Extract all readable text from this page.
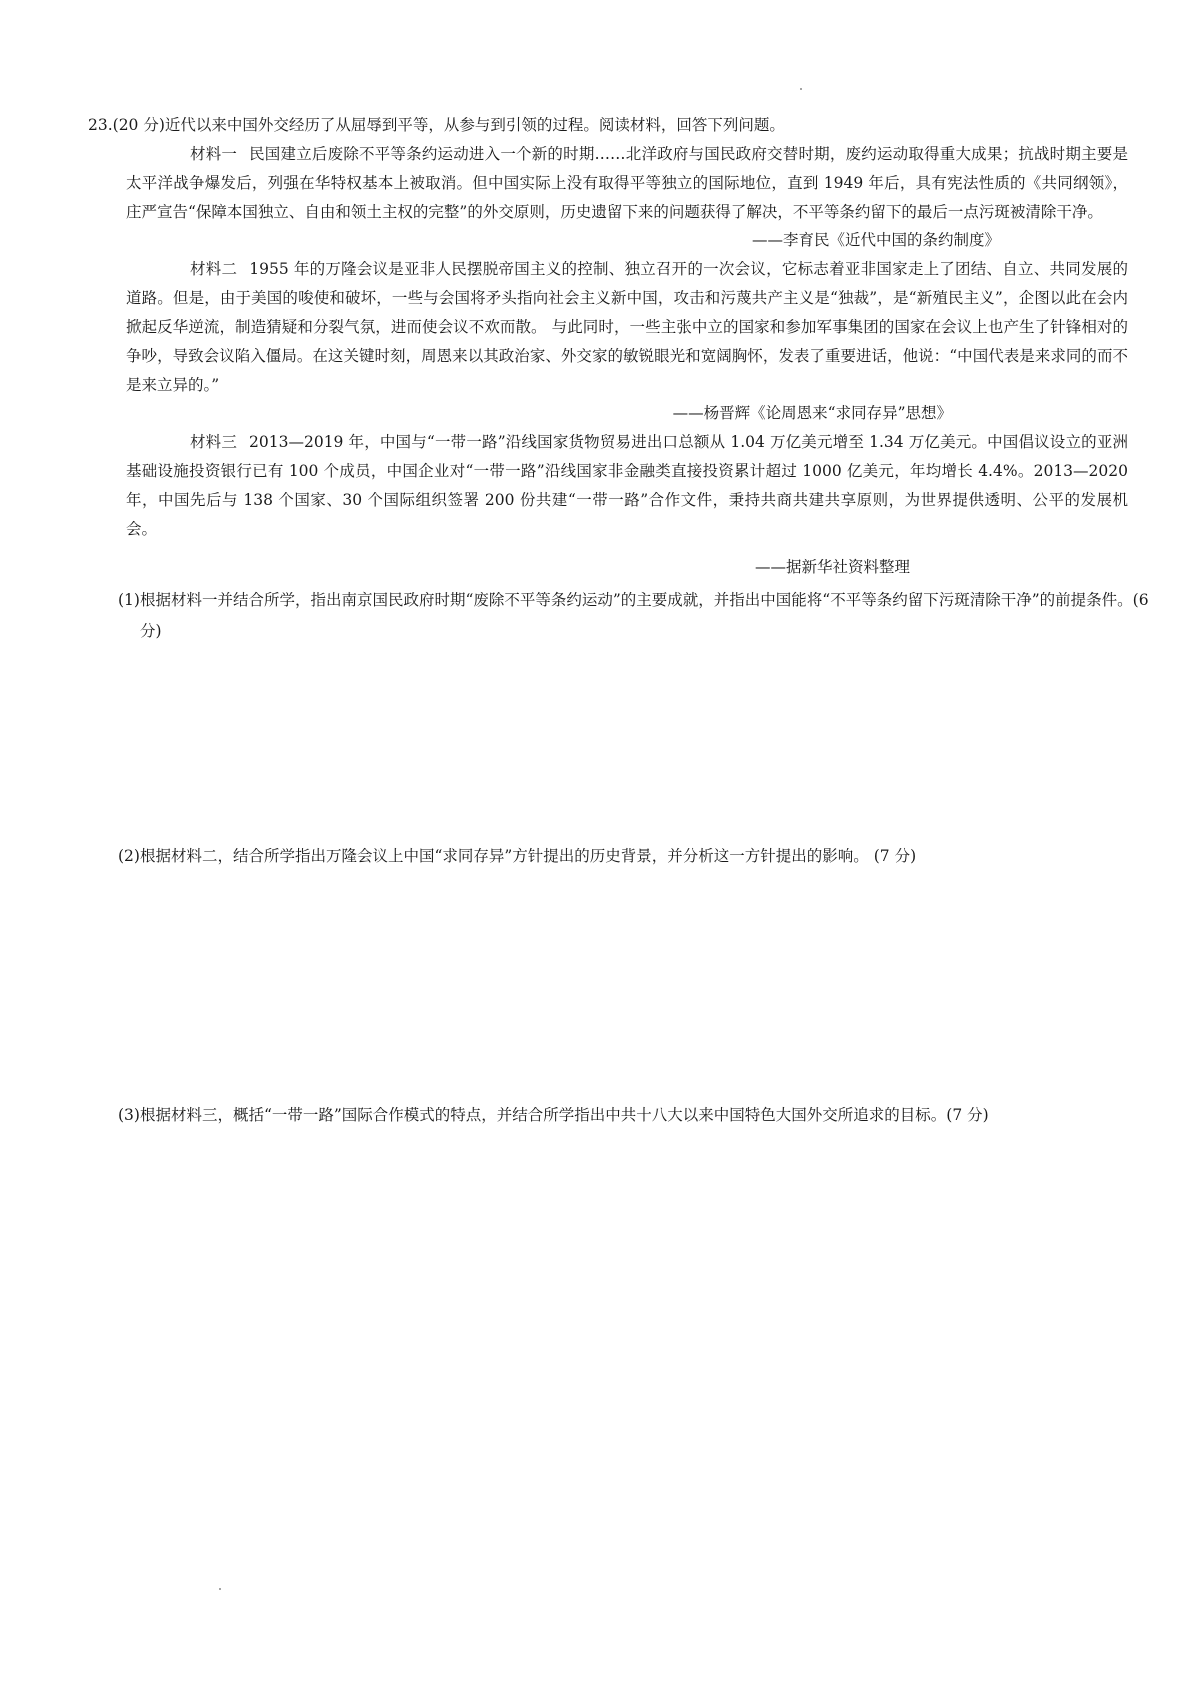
23.(20 分)近代以来中国外交经历了从屈辱到平等，从参与到引领的过程。阅读材料，回答下列问题。

材料一 民国建立后废除不平等条约运动进入一个新的时期……北洋政府与国民政府交替时期，废约运动取得重大成果；抗战时期主要是太平洋战争爆发后，列强在华特权基本上被取消。但中国实际上没有取得平等独立的国际地位，直到 1949 年后，具有宪法性质的《共同纲领》，庄严宣告“保障本国独立、自由和领土主权的完整”的外交原则，历史遗留下来的问题获得了解决，不平等条约留下的最后一点污斑被清除干净。

——李育民《近代中国的条约制度》

材料二 1955 年的万隆会议是亚非人民摆脱帝国主义的控制、独立召开的一次会议，它标志着亚非国家走上了团结、自立、共同发展的道路。但是，由于美国的唆使和破坏，一些与会国将矛头指向社会主义新中国，攻击和污蔑共产主义是“独裁”，是“新殖民主义”，企图以此在会内掀起反华逆流，制造猜疑和分裂气氛，进而使会议不欢而散。 与此同时，一些主张中立的国家和参加军事集团的国家在会议上也产生了针锋相对的争吵，导致会议陷入僵局。在这关键时刻，周恩来以其政治家、外交家的敏锐眼光和宽阔胸怀，发表了重要进话，他说：“中国代表是来求同的而不是来立异的。”

——杨晋辉《论周恩来“求同存异”思想》

材料三 2013—2019 年，中国与“一带一路”沿线国家货物贸易进出口总额从 1.04 万亿美元增至 1.34 万亿美元。中国倡议设立的亚洲基础设施投资银行已有 100 个成员，中国企业对“一带一路”沿线国家非金融类直接投资累计超过 1000 亿美元，年均增长 4.4%。2013—2020 年，中国先后与 138 个国家、30 个国际组织签署 200 份共建“一带一路”合作文件，秉持共商共建共享原则，为世界提供透明、公平的发展机会。

——据新华社资料整理

(1)根据材料一并结合所学，指出南京国民政府时期“废除不平等条约运动”的主要成就，并指出中国能将“不平等条约留下污斑清除干净”的前提条件。(6 分)

(2)根据材料二，结合所学指出万隆会议上中国“求同存异”方针提出的历史背景，并分析这一方针提出的影响。 (7 分)

(3)根据材料三，概括“一带一路”国际合作模式的特点，并结合所学指出中共十八大以来中国特色大国外交所追求的目标。(7 分)
